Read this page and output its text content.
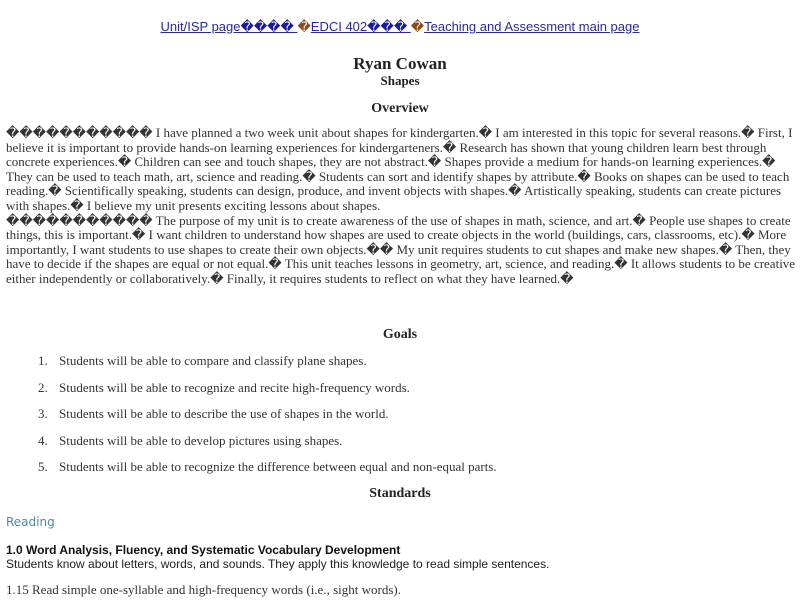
Unit/ISP page���� �EDCI 402��� �Teaching and Assessment main page
Ryan Cowan
Shapes
Overview

����������� I have planned a two week unit about shapes for kindergarten.� I am interested in this topic for several reasons.� First, I believe it is important to provide hands-on learning experiences for kindergarteners.� Research has shown that young children learn best through concrete experiences.� Children can see and touch shapes, they are not abstract.� Shapes provide a medium for hands-on learning experiences.� They can be used to teach math, art, science and reading.� Students can sort and identify shapes by attribute.� Books on shapes can be used to teach reading.� Scientifically speaking, students can design, produce, and invent objects with shapes.� Artistically speaking, students can create pictures with shapes.� I believe my unit presents exciting lessons about shapes.

����������� The purpose of my unit is to create awareness of the use of shapes in math, science, and art.� People use shapes to create things, this is important.� I want children to understand how shapes are used to create objects in the world (buildings, cars, classrooms, etc).� More importantly, I want students to use shapes to create their own objects.�� My unit requires students to cut shapes and make new shapes.� Then, they have to decide if the shapes are equal or not equal.� This unit teaches lessons in geometry, art, science, and reading.� It allows students to be creative either independently or collaboratively.� Finally, it requires students to reflect on what they have learned.�

Goals
1. Students will be able to compare and classify plane shapes.
2. Students will be able to recognize and recite high-frequency words.
3. Students will be able to describe the use of shapes in the world.
4. Students will be able to develop pictures using shapes.
5. Students will be able to recognize the difference between equal and non-equal parts.
Standards
Reading
1.0 Word Analysis, Fluency, and Systematic Vocabulary Development
Students know about letters, words, and sounds. They apply this knowledge to read simple sentences.
1.15 Read simple one-syllable and high-frequency words (i.e., sight words).
